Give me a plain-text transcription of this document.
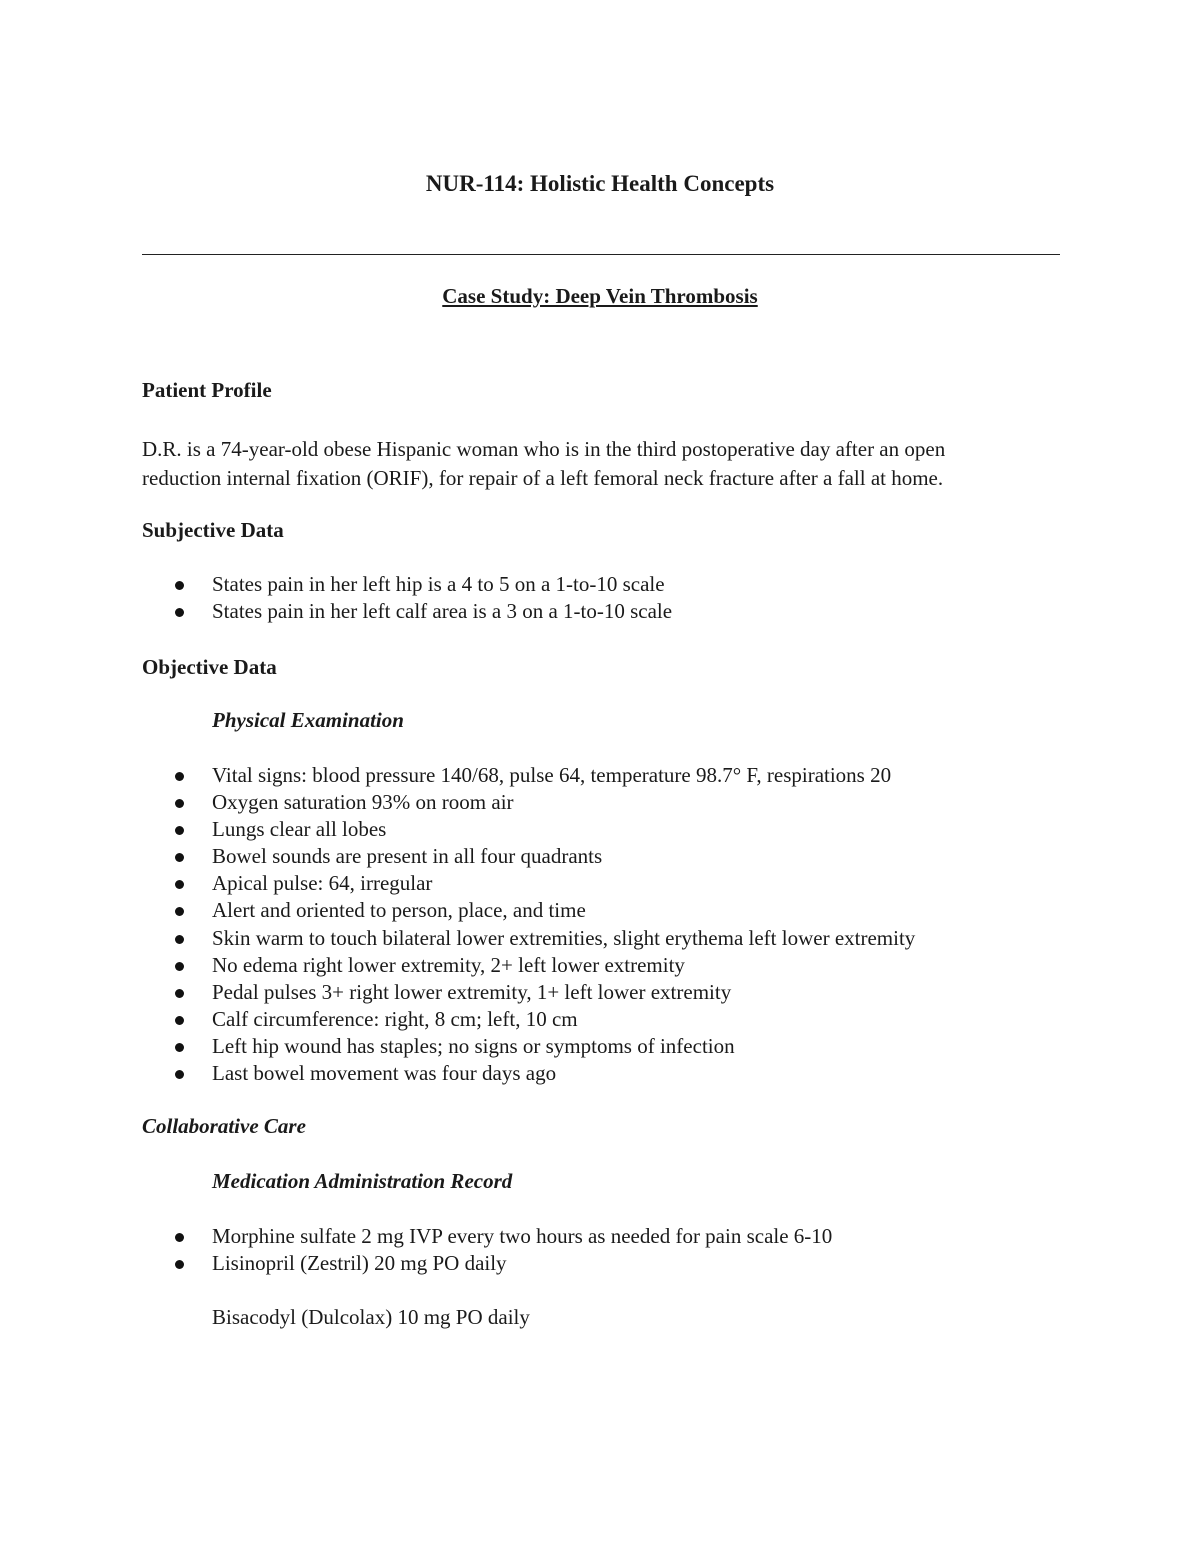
NUR-114: Holistic Health Concepts
Case Study: Deep Vein Thrombosis
Patient Profile
D.R. is a 74-year-old obese Hispanic woman who is in the third postoperative day after an open
reduction internal fixation (ORIF), for repair of a left femoral neck fracture after a fall at home.
Subjective Data
States pain in her left hip is a 4 to 5 on a 1-to-10 scale
States pain in her left calf area is a 3 on a 1-to-10 scale
Objective Data
Physical Examination
Vital signs: blood pressure 140/68, pulse 64, temperature 98.7° F, respirations 20
Oxygen saturation 93% on room air
Lungs clear all lobes
Bowel sounds are present in all four quadrants
Apical pulse: 64, irregular
Alert and oriented to person, place, and time
Skin warm to touch bilateral lower extremities, slight erythema left lower extremity
No edema right lower extremity, 2+ left lower extremity
Pedal pulses 3+ right lower extremity, 1+ left lower extremity
Calf circumference: right, 8 cm; left, 10 cm
Left hip wound has staples; no signs or symptoms of infection
Last bowel movement was four days ago
Collaborative Care
Medication Administration Record
Morphine sulfate 2 mg IVP every two hours as needed for pain scale 6-10
Lisinopril (Zestril) 20 mg PO daily
Bisacodyl (Dulcolax) 10 mg PO daily
